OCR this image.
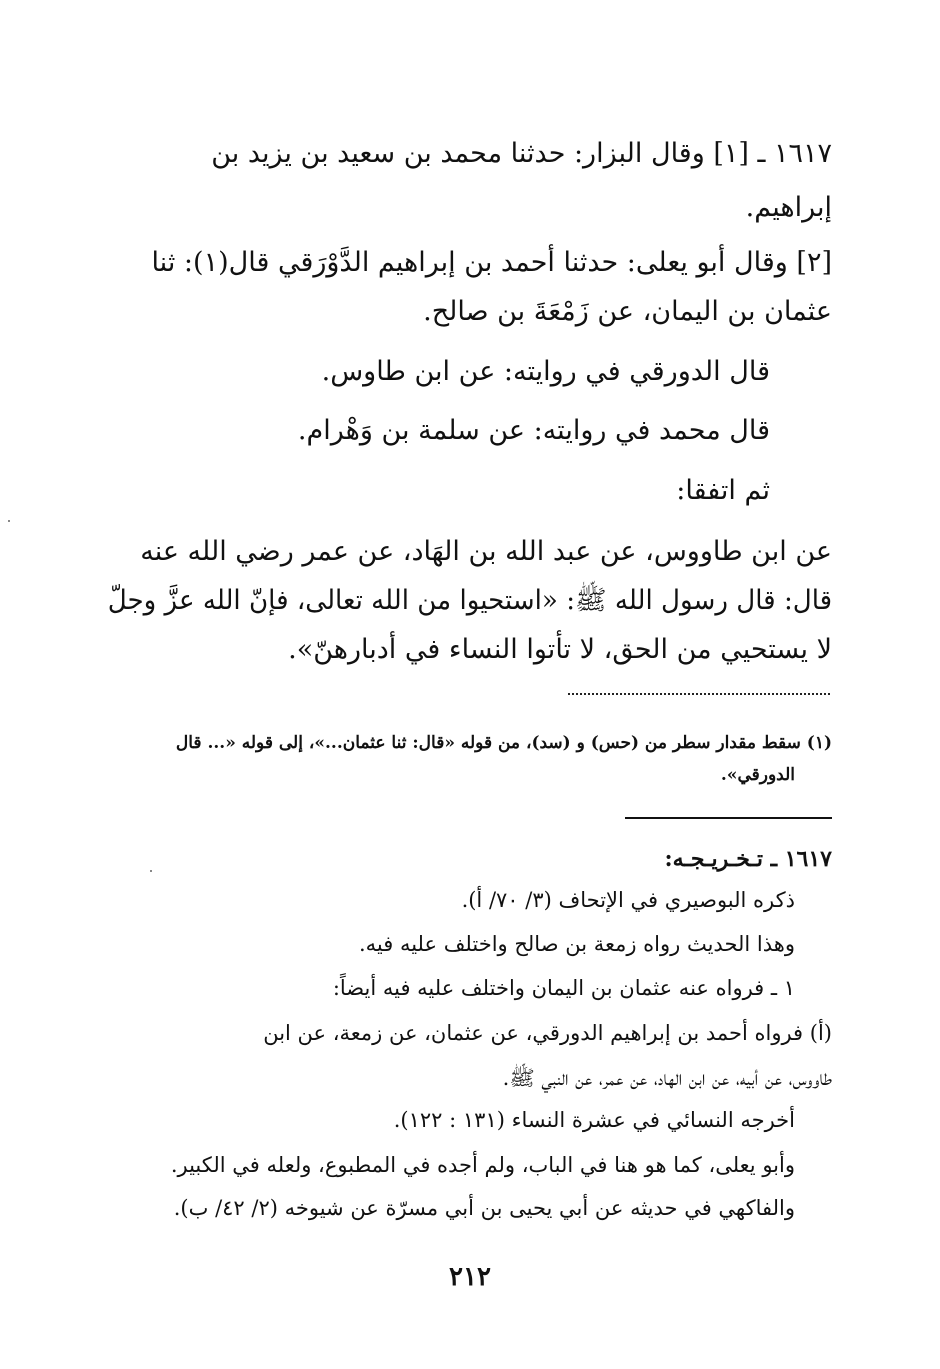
١٦١٧ ـ [١] وقال البزار: حدثنا محمد بن سعيد بن يزيد بن
إبراهيم.
[٢] وقال أبو يعلى: حدثنا أحمد بن إبراهيم الدَّوْرَقي قال(١): ثنا
عثمان بن اليمان، عن زَمْعَةَ بن صالح.
قال الدورقي في روايته: عن ابن طاوس.
قال محمد في روايته: عن سلمة بن وَهْرام.
ثم اتفقا:
عن ابن طاووس، عن عبد الله بن الهَاد، عن عمر رضي الله عنه
قال: قال رسول الله ﷺ: «استحيوا من الله تعالى، فإنّ الله عزَّ وجلّ
لا يستحيي من الحق، لا تأتوا النساء في أدبارهنّ».
(١) سقط مقدار سطر من (حس) و (سد)، من قوله «قال: ثنا عثمان...»، إلى قوله «... قال
الدورقي».
١٦١٧ ـ تـخـريـجـه:
ذكره البوصيري في الإتحاف (٣/ ٧٠/ أ).
وهذا الحديث رواه زمعة بن صالح واختلف عليه فيه.
١ ـ فرواه عنه عثمان بن اليمان واختلف عليه فيه أيضاً:
(أ) فرواه أحمد بن إبراهيم الدورقي، عن عثمان، عن زمعة، عن ابن
طاووس، عن أبيه، عن ابن الهاد، عن عمر، عن النبي ﷺ.
أخرجه النسائي في عشرة النساء (١٣١ : ١٢٢).
وأبو يعلى، كما هو هنا في الباب، ولم أجده في المطبوع، ولعله في الكبير.
والفاكهي في حديثه عن أبي يحيى بن أبي مسرّة عن شيوخه (٢/ ٤٢/ ب).
٢١٢
